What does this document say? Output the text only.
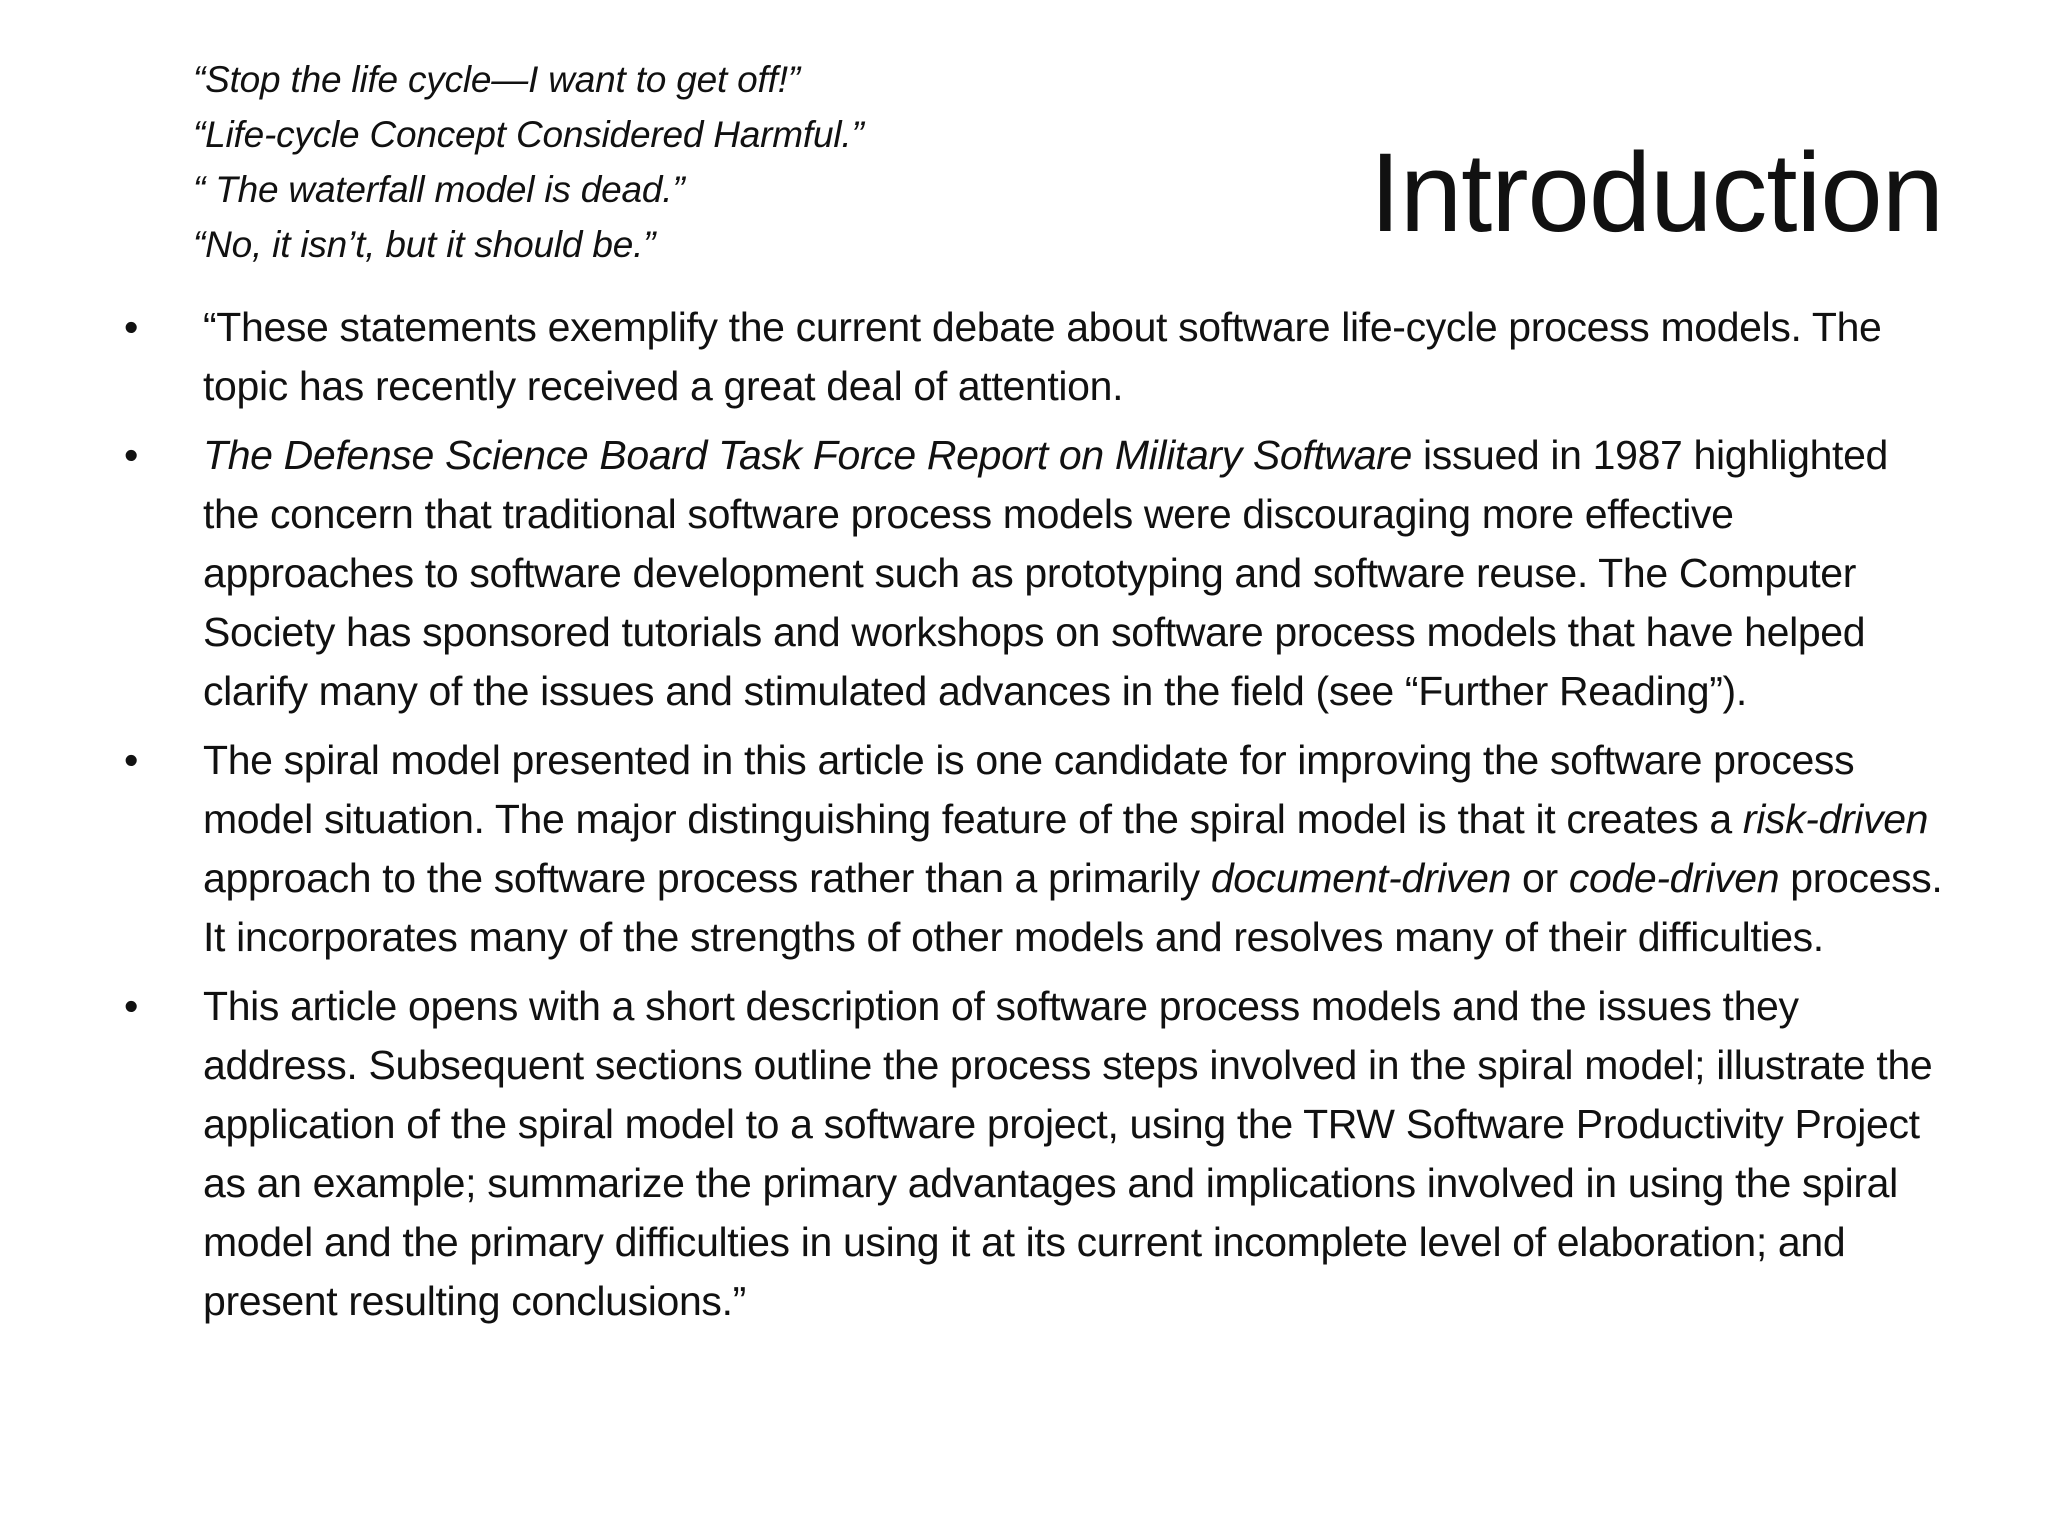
“Stop the life cycle—I want to get off!”
“Life-cycle Concept Considered Harmful.”
“ The waterfall model is dead.”
“No, it isn’t, but it should be.”	Introduction
•	“These statements exemplify the current debate about software life-cycle process models. The topic has recently received a great deal of attention.
•	The Defense Science Board Task Force Report on Military Software issued in 1987 highlighted the concern that traditional software process models were discouraging more effective approaches to software development such as prototyping and software reuse. The Computer Society has sponsored tutorials and workshops on software process models that have helped clarify many of the issues and stimulated advances in the field (see “Further Reading”).
•	The spiral model presented in this article is one candidate for improving the software process model situation. The major distinguishing feature of the spiral model is that it creates a risk-driven approach to the software process rather than a primarily document-driven or code-driven process. It incorporates many of the strengths of other models and resolves many of their difficulties.
•	This article opens with a short description of software process models and the issues they address. Subsequent sections outline the process steps involved in the spiral model; illustrate the application of the spiral model to a software project, using the TRW Software Productivity Project as an example; summarize the primary advantages and implications involved in using the spiral model and the primary difficulties in using it at its current incomplete level of elaboration; and present resulting conclusions.”
